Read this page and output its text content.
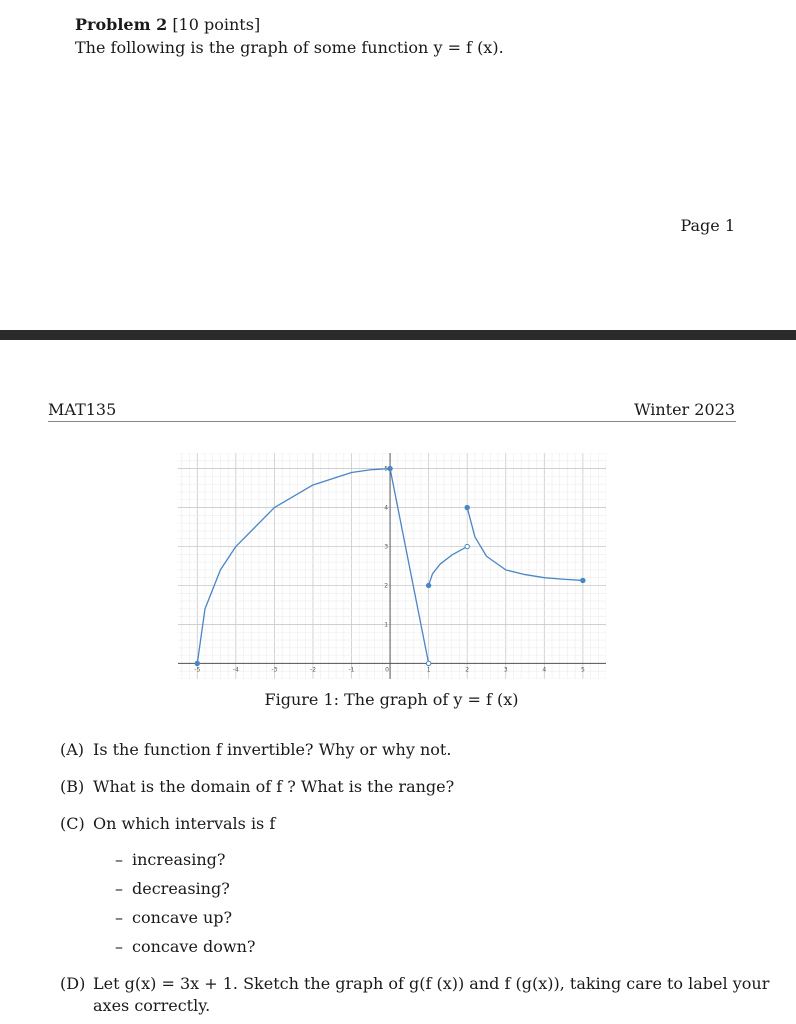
Problem 2 [10 points]
The following is the graph of some function y = f (x).
Page 1
MAT135	Winter 2023
-5	-4	-3	-2	-1	0	1	2	3	4	5
1
2
3
4
5
Figure 1: The graph of y = f (x)
(A) Is the function f invertible? Why or why not.
(B) What is the domain of f ? What is the range?
(C) On which intervals is f
– increasing?
– decreasing?
– concave up?
– concave down?
(D) Let g(x) = 3x + 1. Sketch the graph of g(f (x)) and f (g(x)), taking care to label your
axes correctly.
